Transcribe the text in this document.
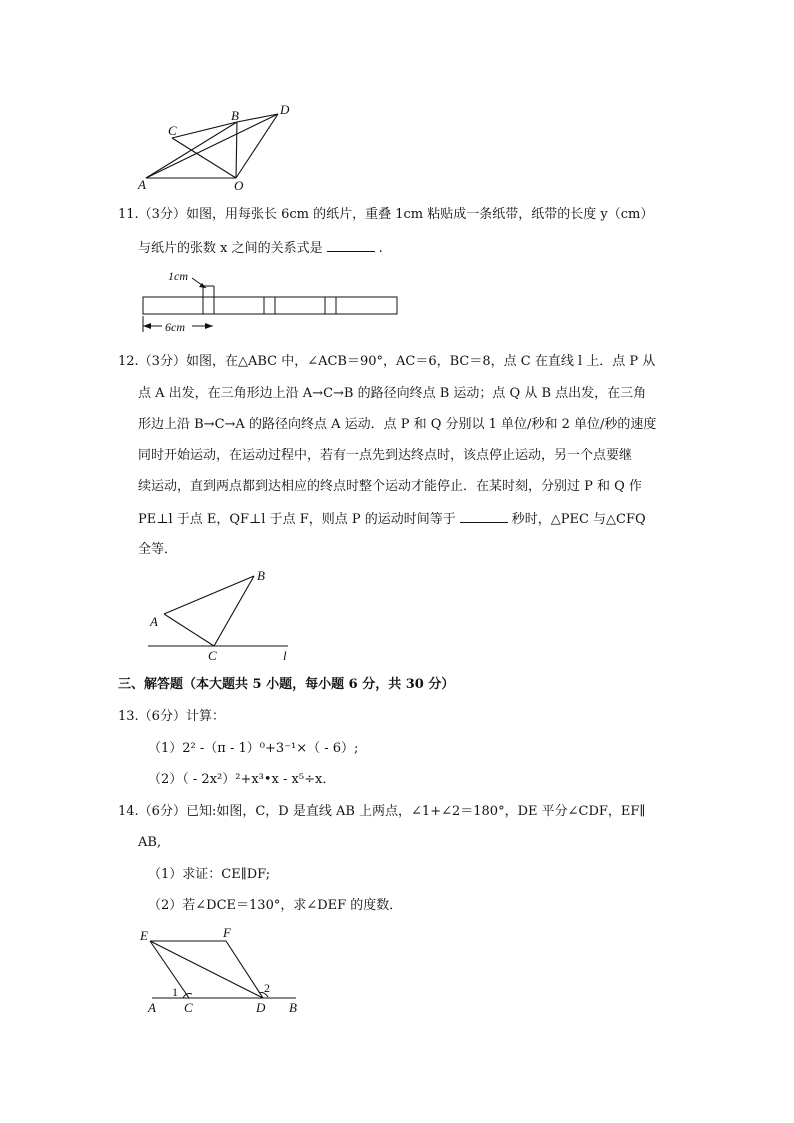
C
B	D
A	O
11.（3分）如图，用每张长 6cm 的纸片，重叠 1cm 粘贴成一条纸带，纸带的长度 y（cm）
与纸片的张数 x 之间的关系式是	.
1cm
6cm
12.（3分）如图，在△ABC 中，∠ACB＝90°，AC＝6，BC＝8，点 C 在直线 l 上．点 P 从
点 A 出发，在三角形边上沿 A→C→B 的路径向终点 B 运动；点 Q 从 B 点出发，在三角
形边上沿 B→C→A 的路径向终点 A 运动．点 P 和 Q 分别以 1 单位/秒和 2 单位/秒的速度
同时开始运动，在运动过程中，若有一点先到达终点时，该点停止运动，另一个点要继
续运动，直到两点都到达相应的终点时整个运动才能停止．在某时刻，分别过 P 和 Q 作
PE⊥l 于点 E，QF⊥l 于点 F，则点 P 的运动时间等于	秒时，△PEC 与△CFQ
全等．
A
B
C	l
三、解答题（本大题共 5 小题，每小题 6 分，共 30 分）
13.（6分）计算：
（1）2² -（π - 1）⁰+3⁻¹×（ - 6）;
（2）（ - 2x²）²+x³•x - x⁵÷x．
14.（6分）已知:如图，C，D 是直线 AB 上两点，∠1+∠2＝180°，DE 平分∠CDF，EF∥
AB,
（1）求证：CE∥DF;
（2）若∠DCE＝130°，求∠DEF 的度数．
E	F
1	2
A C	D B
